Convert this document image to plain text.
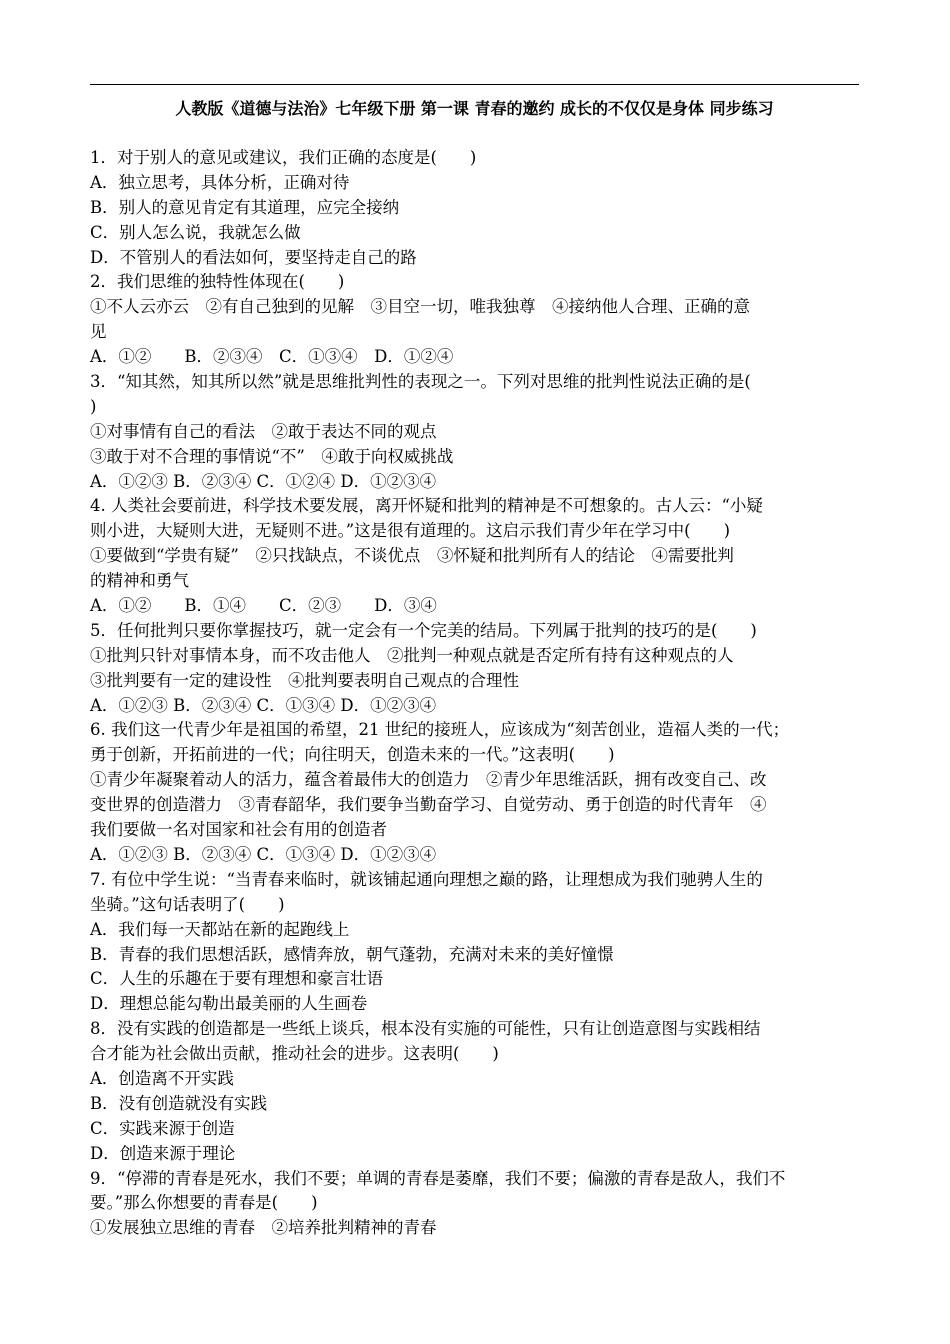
人教版《道德与法治》七年级下册 第一课 青春的邀约 成长的不仅仅是身体 同步练习
1．对于别人的意见或建议，我们正确的态度是(　　)
A．独立思考，具体分析，正确对待
B．别人的意见肯定有其道理，应完全接纳
C．别人怎么说，我就怎么做
D．不管别人的看法如何，要坚持走自己的路
2．我们思维的独特性体现在(　　)
①不人云亦云　②有自己独到的见解　③目空一切，唯我独尊　④接纳他人合理、正确的意
见
A．①②　　B．②③④　C．①③④　D．①②④
3．“知其然，知其所以然”就是思维批判性的表现之一。下列对思维的批判性说法正确的是(
)
①对事情有自己的看法　②敢于表达不同的观点
③敢于对不合理的事情说“不”　④敢于向权威挑战
A．①②③ B．②③④ C．①②④ D．①②③④
4. 人类社会要前进，科学技术要发展，离开怀疑和批判的精神是不可想象的。古人云：“小疑
则小进，大疑则大进，无疑则不进。”这是很有道理的。这启示我们青少年在学习中(　　)
①要做到“学贵有疑”　②只找缺点，不谈优点　③怀疑和批判所有人的结论　④需要批判
的精神和勇气
A．①②　　B．①④　　C．②③　　D．③④
5．任何批判只要你掌握技巧，就一定会有一个完美的结局。下列属于批判的技巧的是(　　)
①批判只针对事情本身，而不攻击他人　②批判一种观点就是否定所有持有这种观点的人
③批判要有一定的建设性　④批判要表明自己观点的合理性
A．①②③ B．②③④ C．①③④ D．①②③④
6. 我们这一代青少年是祖国的希望，21 世纪的接班人，应该成为“刻苦创业，造福人类的一代；
勇于创新，开拓前进的一代；向往明天，创造未来的一代。”这表明(　　)
①青少年凝聚着动人的活力，蕴含着最伟大的创造力　②青少年思维活跃，拥有改变自己、改
变世界的创造潜力　③青春韶华，我们要争当勤奋学习、自觉劳动、勇于创造的时代青年　④
我们要做一名对国家和社会有用的创造者
A．①②③ B．②③④ C．①③④ D．①②③④
7. 有位中学生说：“当青春来临时，就该铺起通向理想之巅的路，让理想成为我们驰骋人生的
坐骑。”这句话表明了(　　)
A．我们每一天都站在新的起跑线上
B．青春的我们思想活跃，感情奔放，朝气蓬勃，充满对未来的美好憧憬
C．人生的乐趣在于要有理想和豪言壮语
D．理想总能勾勒出最美丽的人生画卷
8．没有实践的创造都是一些纸上谈兵，根本没有实施的可能性，只有让创造意图与实践相结
合才能为社会做出贡献，推动社会的进步。这表明(　　)
A．创造离不开实践
B．没有创造就没有实践
C．实践来源于创造
D．创造来源于理论
9．“停滞的青春是死水，我们不要；单调的青春是萎靡，我们不要；偏激的青春是敌人，我们不
要。”那么你想要的青春是(　　)
①发展独立思维的青春　②培养批判精神的青春
